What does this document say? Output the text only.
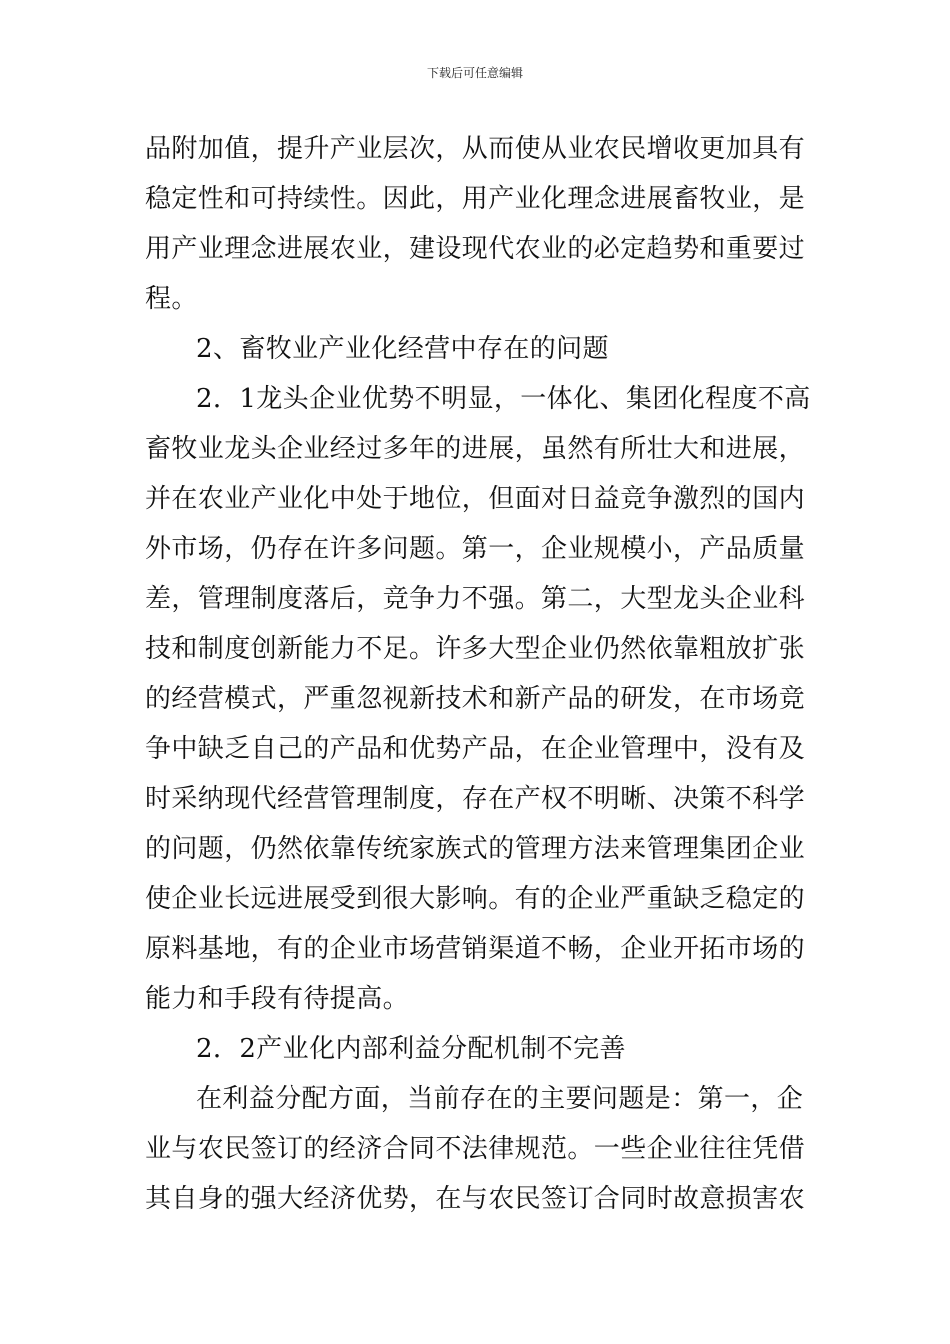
下载后可任意编辑
品附加值，提升产业层次，从而使从业农民增收更加具有
稳定性和可持续性。因此，用产业化理念进展畜牧业，是
用产业理念进展农业，建设现代农业的必定趋势和重要过
程。
2、畜牧业产业化经营中存在的问题
2．1龙头企业优势不明显，一体化、集团化程度不高
畜牧业龙头企业经过多年的进展，虽然有所壮大和进展，
并在农业产业化中处于地位，但面对日益竞争激烈的国内
外市场，仍存在许多问题。第一，企业规模小，产品质量
差，管理制度落后，竞争力不强。第二，大型龙头企业科
技和制度创新能力不足。许多大型企业仍然依靠粗放扩张
的经营模式，严重忽视新技术和新产品的研发，在市场竞
争中缺乏自己的产品和优势产品，在企业管理中，没有及
时采纳现代经营管理制度，存在产权不明晰、决策不科学
的问题，仍然依靠传统家族式的管理方法来管理集团企业
使企业长远进展受到很大影响。有的企业严重缺乏稳定的
原料基地，有的企业市场营销渠道不畅，企业开拓市场的
能力和手段有待提高。
2．2产业化内部利益分配机制不完善
在利益分配方面，当前存在的主要问题是：第一，企
业与农民签订的经济合同不法律规范。一些企业往往凭借
其自身的强大经济优势，在与农民签订合同时故意损害农
